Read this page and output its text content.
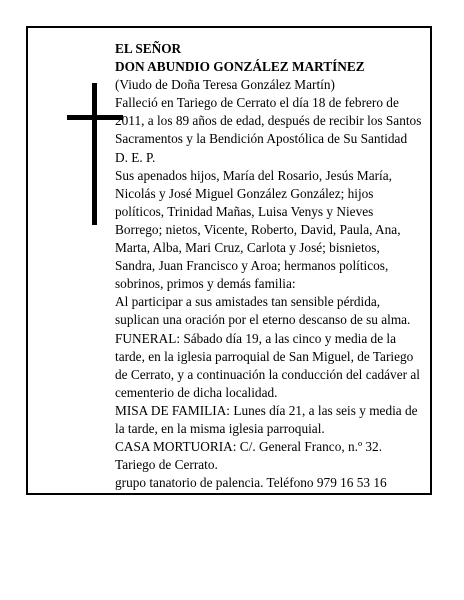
EL SEÑOR

DON ABUNDIO GONZÁLEZ MARTÍNEZ

(Viudo de Doña Teresa González Martín)

Falleció en Tariego de Cerrato el día 18 de febrero de 2011, a los 89 años de edad, después de recibir los Santos Sacramentos y la Bendición Apostólica de Su Santidad

D. E. P.

Sus apenados hijos, María del Rosario, Jesús María, Nicolás y José Miguel González González; hijos políticos, Trinidad Mañas, Luisa Venys y Nieves Borrego; nietos, Vicente, Roberto, David, Paula, Ana, Marta, Alba, Mari Cruz, Carlota y José; bisnietos, Sandra, Juan Francisco y Aroa; hermanos políticos, sobrinos, primos y demás familia:

Al participar a sus amistades tan sensible pérdida, suplican una oración por el eterno descanso de su alma.

FUNERAL: Sábado día 19, a las cinco y media de la tarde, en la iglesia parroquial de San Miguel, de Tariego de Cerrato, y a continuación la conducción del cadáver al cementerio de dicha localidad.

MISA DE FAMILIA: Lunes día 21, a las seis y media de la tarde, en la misma iglesia parroquial.

CASA MORTUORIA: C/. General Franco, n.º 32. Tariego de Cerrato.

grupo tanatorio de palencia. Teléfono 979 16 53 16
